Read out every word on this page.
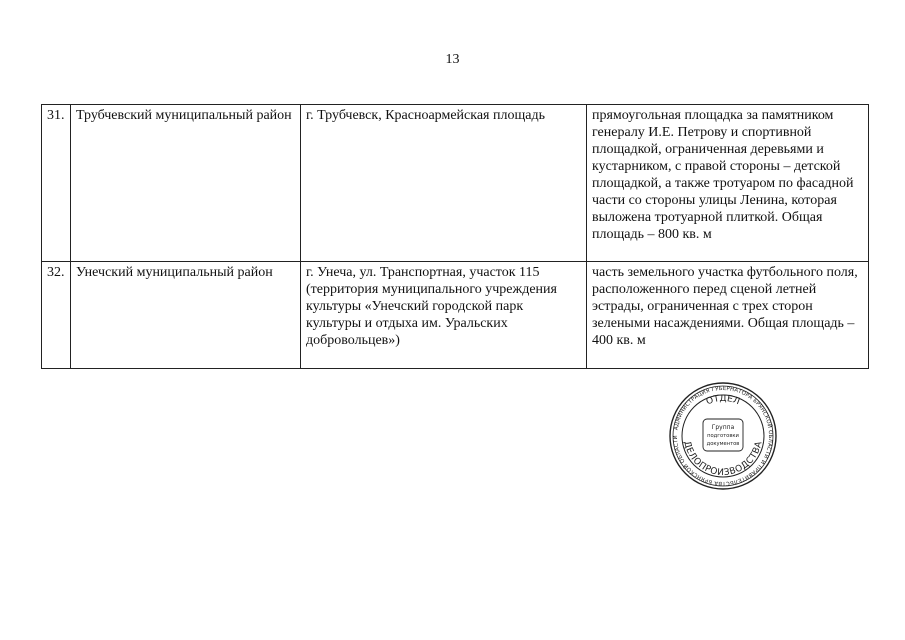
13
31.	Трубчевский муниципальный район	г. Трубчевск, Красноармейская площадь	прямоугольная площадка за памятником генералу И.Е. Петрову и спортивной площадкой, ограниченная деревьями и кустарником, с правой стороны – детской площадкой, а также тротуаром по фасадной части со стороны улицы Ленина, которая выложена тротуарной плиткой. Общая площадь – 800 кв. м
32.	Унечский муниципальный район	г. Унеча, ул. Транспортная, участок 115 (территория муниципального учреждения культуры «Унечский городской парк культуры и отдыха им. Уральских добровольцев»)	часть земельного участка футбольного поля, расположенного перед сценой летней эстрады, ограниченная с трех сторон зелеными насаждениями. Общая площадь – 400 кв. м
АДМИНИСТРАЦИЯ ГУБЕРНАТОРА БРЯНСКОЙ ОБЛАСТИ И ПРАВИТЕЛЬСТВА БРЯНСКОЙ ОБЛАСТИ
ОТДЕЛ
ДЕЛОПРОИЗВОДСТВА
Группа
подготовки
документов
